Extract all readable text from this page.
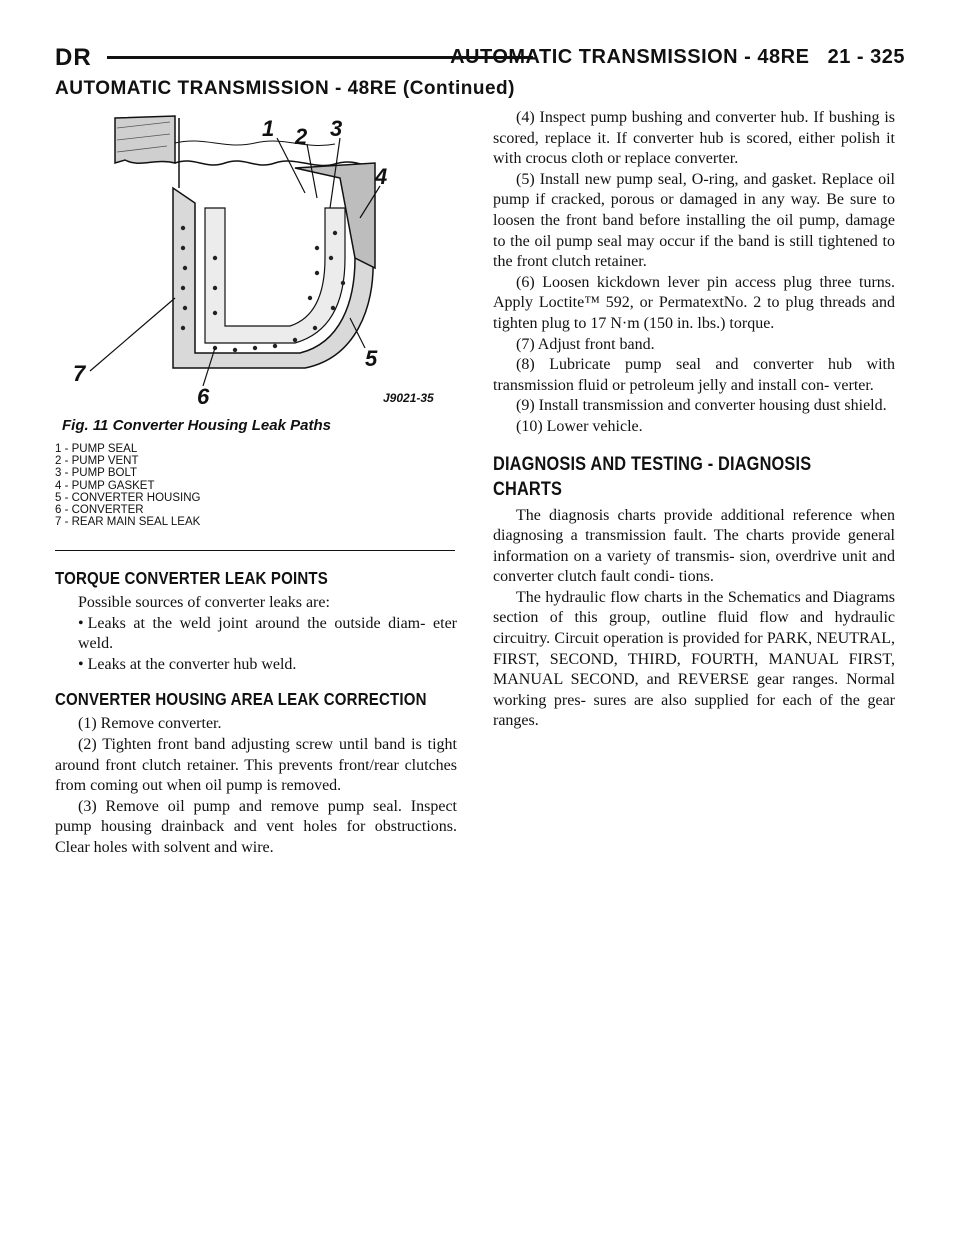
DR	AUTOMATIC TRANSMISSION - 48RE 21 - 325
AUTOMATIC TRANSMISSION - 48RE (Continued)
1 2 3
4
5
6
7
J9021-35
Fig. 11 Converter Housing Leak Paths
1 - PUMP SEAL
2 - PUMP VENT
3 - PUMP BOLT
4 - PUMP GASKET
5 - CONVERTER HOUSING
6 - CONVERTER
7 - REAR MAIN SEAL LEAK
TORQUE CONVERTER LEAK POINTS

Possible sources of converter leaks are:

• Leaks at the weld joint around the outside diam- eter weld.

• Leaks at the converter hub weld.

CONVERTER HOUSING AREA LEAK CORRECTION

(1) Remove converter.

(2) Tighten front band adjusting screw until band is tight around front clutch retainer. This prevents front/rear clutches from coming out when oil pump is removed.

(3) Remove oil pump and remove pump seal. Inspect pump housing drainback and vent holes for obstructions. Clear holes with solvent and wire.

(4) Inspect pump bushing and converter hub. If bushing is scored, replace it. If converter hub is scored, either polish it with crocus cloth or replace converter.

(5) Install new pump seal, O-ring, and gasket. Replace oil pump if cracked, porous or damaged in any way. Be sure to loosen the front band before installing the oil pump, damage to the oil pump seal may occur if the band is still tightened to the front clutch retainer.

(6) Loosen kickdown lever pin access plug three turns. Apply Loctite™ 592, or PermatextNo. 2 to plug threads and tighten plug to 17 N·m (150 in. lbs.) torque.

(7) Adjust front band.

(8) Lubricate pump seal and converter hub with transmission fluid or petroleum jelly and install con- verter.

(9) Install transmission and converter housing dust shield.

(10) Lower vehicle.

DIAGNOSIS AND TESTING - DIAGNOSIS
CHARTS

The diagnosis charts provide additional reference when diagnosing a transmission fault. The charts provide general information on a variety of transmis- sion, overdrive unit and converter clutch fault condi- tions.

The hydraulic flow charts in the Schematics and Diagrams section of this group, outline fluid flow and hydraulic circuitry. Circuit operation is provided for PARK, NEUTRAL, FIRST, SECOND, THIRD, FOURTH, MANUAL FIRST, MANUAL SECOND, and REVERSE gear ranges. Normal working pres- sures are also supplied for each of the gear ranges.
